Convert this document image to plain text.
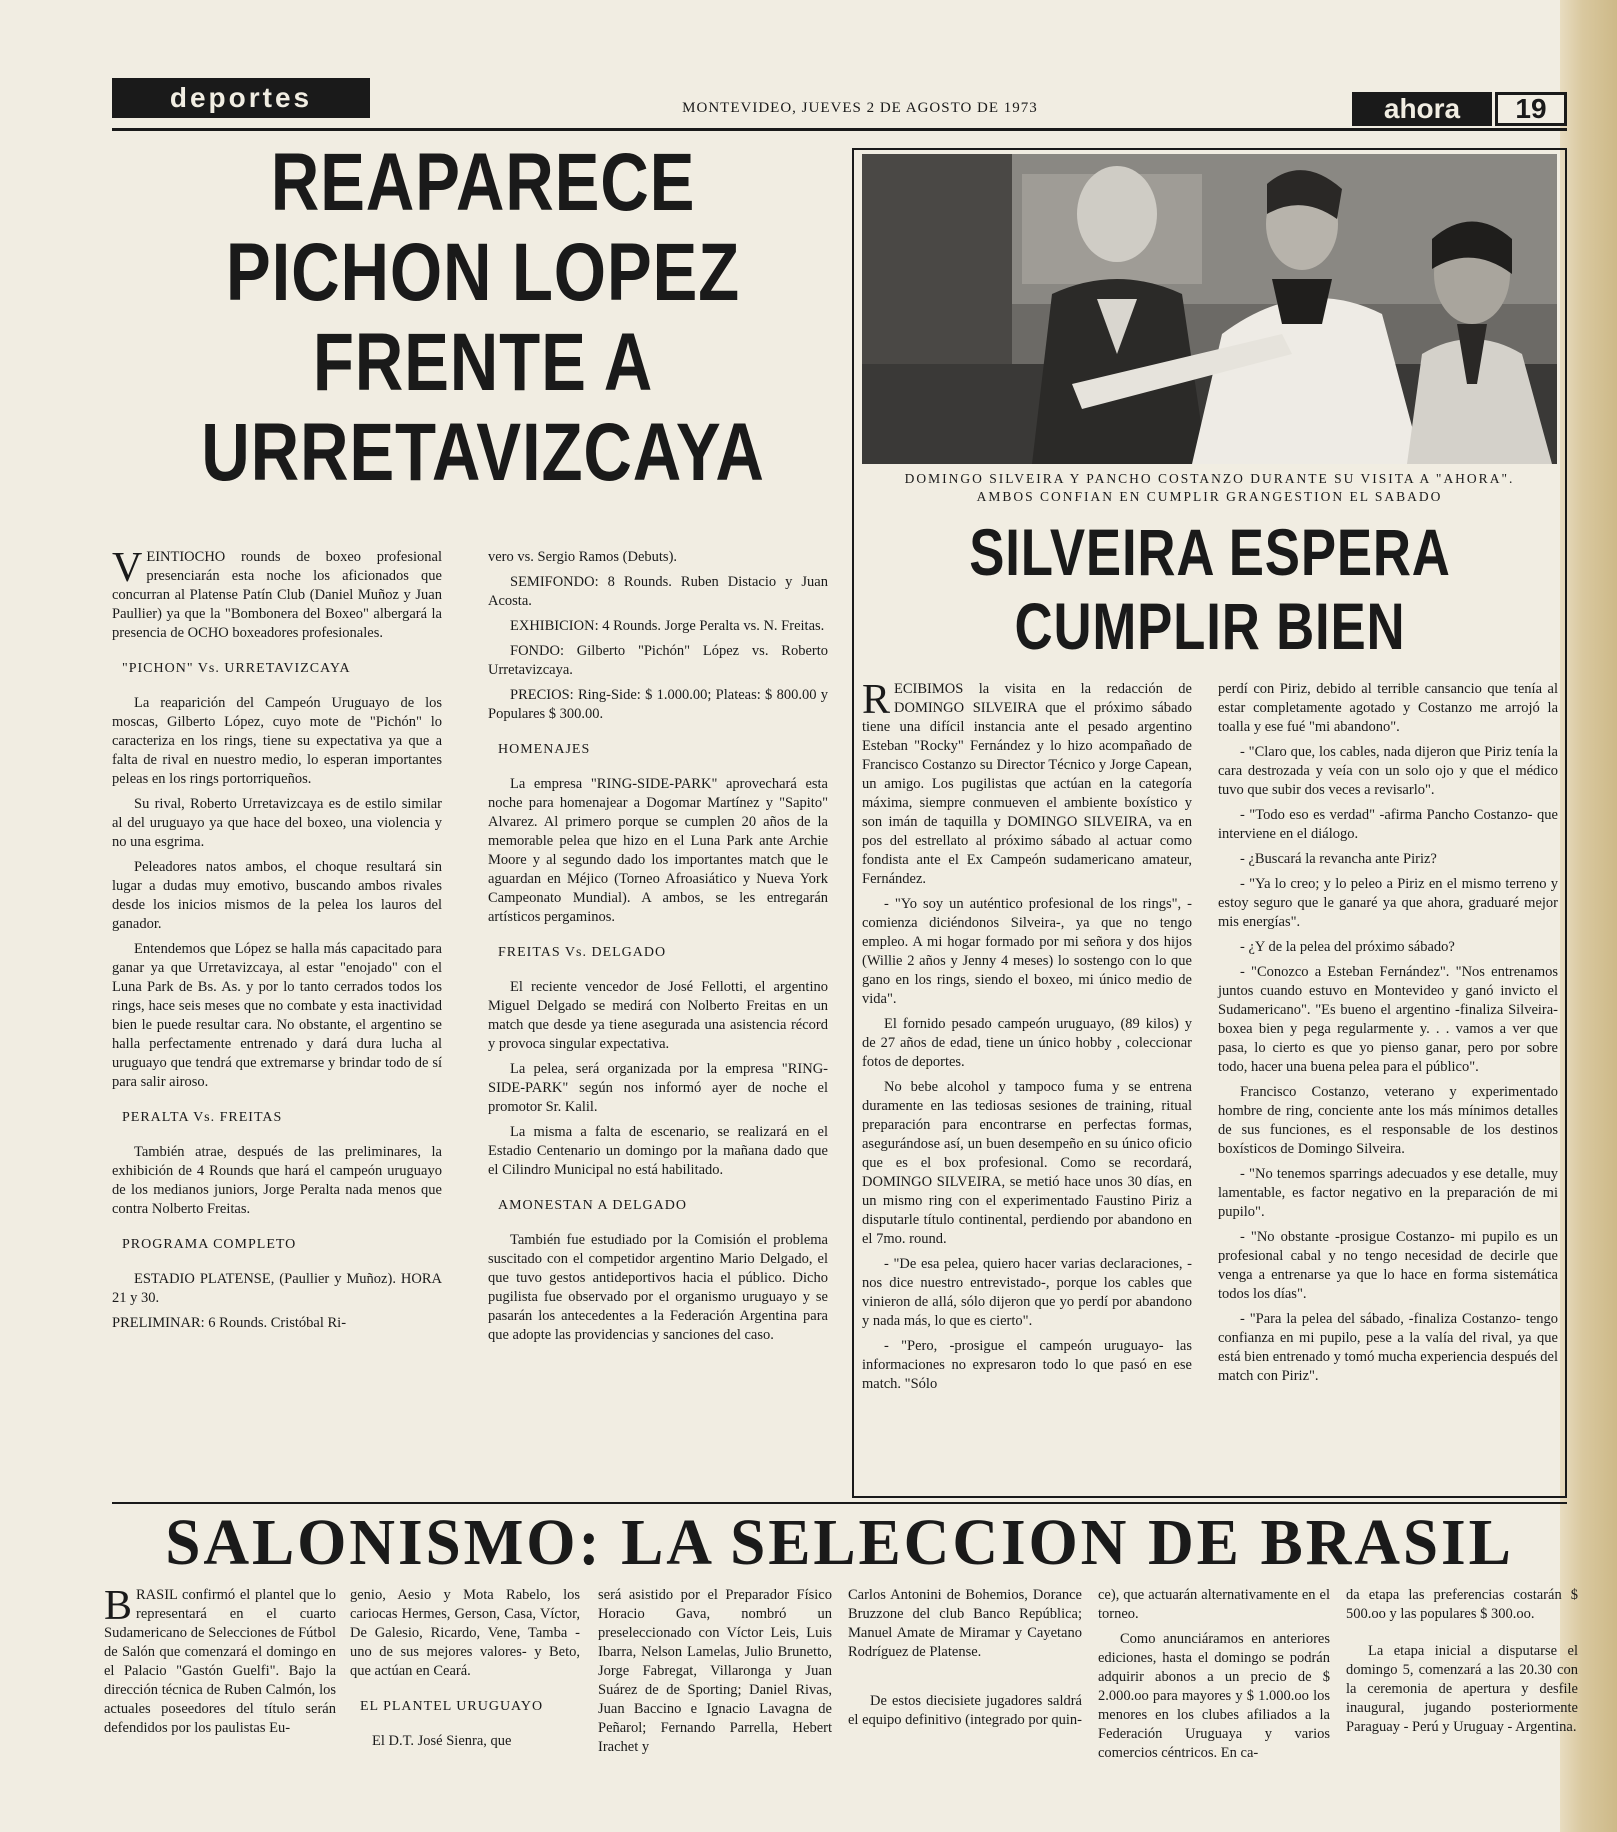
deportes	MONTEVIDEO, JUEVES 2 DE AGOSTO DE 1973	ahora	19
REAPARECE
PICHON LOPEZ
FRENTE A
URRETAVIZCAYA

VEINTIOCHO rounds de boxeo profesional presenciarán esta noche los aficionados que concurran al Platense Patín Club (Daniel Muñoz y Juan Paullier) ya que la "Bombonera del Boxeo" albergará la presencia de OCHO boxeadores profesionales.

"PICHON" Vs. URRETAVIZCAYA

La reaparición del Campeón Uruguayo de los moscas, Gilberto López, cuyo mote de "Pichón" lo caracteriza en los rings, tiene su expectativa ya que a falta de rival en nuestro medio, lo esperan importantes peleas en los rings portorriqueños.

Su rival, Roberto Urretavizcaya es de estilo similar al del uruguayo ya que hace del boxeo, una violencia y no una esgrima.

Peleadores natos ambos, el choque resultará sin lugar a dudas muy emotivo, buscando ambos rivales desde los inicios mismos de la pelea los lauros del ganador.

Entendemos que López se halla más capacitado para ganar ya que Urretavizcaya, al estar "enojado" con el Luna Park de Bs. As. y por lo tanto cerrados todos los rings, hace seis meses que no combate y esta inactividad bien le puede resultar cara. No obstante, el argentino se halla perfectamente entrenado y dará dura lucha al uruguayo que tendrá que extremarse y brindar todo de sí para salir airoso.

PERALTA Vs. FREITAS

También atrae, después de las preliminares, la exhibición de 4 Rounds que hará el campeón uruguayo de los medianos juniors, Jorge Peralta nada menos que contra Nolberto Freitas.

PROGRAMA COMPLETO

ESTADIO PLATENSE, (Paullier y Muñoz). HORA 21 y 30.

PRELIMINAR: 6 Rounds. Cristóbal Ri-

vero vs. Sergio Ramos (Debuts).

SEMIFONDO: 8 Rounds. Ruben Distacio y Juan Acosta.

EXHIBICION: 4 Rounds. Jorge Peralta vs. N. Freitas.

FONDO: Gilberto "Pichón" López vs. Roberto Urretavizcaya.

PRECIOS: Ring-Side: $ 1.000.00; Plateas: $ 800.00 y Populares $ 300.00.

HOMENAJES

La empresa "RING-SIDE-PARK" aprovechará esta noche para homenajear a Dogomar Martínez y "Sapito" Alvarez. Al primero porque se cumplen 20 años de la memorable pelea que hizo en el Luna Park ante Archie Moore y al segundo dado los importantes match que le aguardan en Méjico (Torneo Afroasiático y Nueva York Campeonato Mundial). A ambos, se les entregarán artísticos pergaminos.

FREITAS Vs. DELGADO

El reciente vencedor de José Fellotti, el argentino Miguel Delgado se medirá con Nolberto Freitas en un match que desde ya tiene asegurada una asistencia récord y provoca singular expectativa.

La pelea, será organizada por la empresa "RING-SIDE-PARK" según nos informó ayer de noche el promotor Sr. Kalil.

La misma a falta de escenario, se realizará en el Estadio Centenario un domingo por la mañana dado que el Cilindro Municipal no está habilitado.

AMONESTAN A DELGADO

También fue estudiado por la Comisión el problema suscitado con el competidor argentino Mario Delgado, el que tuvo gestos antideportivos hacia el público. Dicho pugilista fue observado por el organismo uruguayo y se pasarán los antecedentes a la Federación Argentina para que adopte las providencias y sanciones del caso.

DOMINGO SILVEIRA Y PANCHO COSTANZO DURANTE SU VISITA A "AHORA".
AMBOS CONFIAN EN CUMPLIR GRANGESTION EL SABADO
SILVEIRA ESPERA
CUMPLIR BIEN

RECIBIMOS la visita en la redacción de DOMINGO SILVEIRA que el próximo sábado tiene una difícil instancia ante el pesado argentino Esteban "Rocky" Fernández y lo hizo acompañado de Francisco Costanzo su Director Técnico y Jorge Capean, un amigo. Los pugilistas que actúan en la categoría máxima, siempre conmueven el ambiente boxístico y son imán de taquilla y DOMINGO SILVEIRA, va en pos del estrellato al próximo sábado al actuar como fondista ante el Ex Campeón sudamericano amateur, Fernández.

- "Yo soy un auténtico profesional de los rings", -comienza diciéndonos Silveira-, ya que no tengo empleo. A mi hogar formado por mi señora y dos hijos (Willie 2 años y Jenny 4 meses) lo sostengo con lo que gano en los rings, siendo el boxeo, mi único medio de vida".

El fornido pesado campeón uruguayo, (89 kilos) y de 27 años de edad, tiene un único hobby , coleccionar fotos de deportes.

No bebe alcohol y tampoco fuma y se entrena duramente en las tediosas sesiones de training, ritual preparación para encontrarse en perfectas formas, asegurándose así, un buen desempeño en su único oficio que es el box profesional. Como se recordará, DOMINGO SILVEIRA, se metió hace unos 30 días, en un mismo ring con el experimentado Faustino Piriz a disputarle título continental, perdiendo por abandono en el 7mo. round.

- "De esa pelea, quiero hacer varias declaraciones, -nos dice nuestro entrevistado-, porque los cables que vinieron de allá, sólo dijeron que yo perdí por abandono y nada más, lo que es cierto".

- "Pero, -prosigue el campeón uruguayo- las informaciones no expresaron todo lo que pasó en ese match. "Sólo

perdí con Piriz, debido al terrible cansancio que tenía al estar completamente agotado y Costanzo me arrojó la toalla y ese fué "mi abandono".

- "Claro que, los cables, nada dijeron que Piriz tenía la cara destrozada y veía con un solo ojo y que el médico tuvo que subir dos veces a revisarlo".

- "Todo eso es verdad" -afirma Pancho Costanzo- que interviene en el diálogo.

- ¿Buscará la revancha ante Piriz?

- "Ya lo creo; y lo peleo a Piriz en el mismo terreno y estoy seguro que le ganaré ya que ahora, graduaré mejor mis energías".

- ¿Y de la pelea del próximo sábado?

- "Conozco a Esteban Fernández". "Nos entrenamos juntos cuando estuvo en Montevideo y ganó invicto el Sudamericano". "Es bueno el argentino -finaliza Silveira- boxea bien y pega regularmente y. . . vamos a ver que pasa, lo cierto es que yo pienso ganar, pero por sobre todo, hacer una buena pelea para el público".

Francisco Costanzo, veterano y experimentado hombre de ring, conciente ante los más mínimos detalles de sus funciones, es el responsable de los destinos boxísticos de Domingo Silveira.

- "No tenemos sparrings adecuados y ese detalle, muy lamentable, es factor negativo en la preparación de mi pupilo".

- "No obstante -prosigue Costanzo- mi pupilo es un profesional cabal y no tengo necesidad de decirle que venga a entrenarse ya que lo hace en forma sistemática todos los días".

- "Para la pelea del sábado, -finaliza Costanzo- tengo confianza en mi pupilo, pese a la valía del rival, ya que está bien entrenado y tomó mucha experiencia después del match con Piriz".

SALONISMO: LA SELECCION DE BRASIL

BRASIL confirmó el plantel que lo representará en el cuarto Sudamericano de Selecciones de Fútbol de Salón que comenzará el domingo en el Palacio "Gastón Guelfi". Bajo la dirección técnica de Ruben Calmón, los actuales poseedores del título serán defendidos por los paulistas Eu-

genio, Aesio y Mota Rabelo, los cariocas Hermes, Gerson, Casa, Víctor, De Galesio, Ricardo, Vene, Tamba -uno de sus mejores valores- y Beto, que actúan en Ceará.

EL PLANTEL URUGUAYO

El D.T. José Sienra, que

será asistido por el Preparador Físico Horacio Gava, nombró un preseleccionado con Víctor Leis, Luis Ibarra, Nelson Lamelas, Julio Brunetto, Jorge Fabregat, Villaronga y Juan Suárez de de Sporting; Daniel Rivas, Juan Baccino e Ignacio Lavagna de Peñarol; Fernando Parrella, Hebert Irachet y

Carlos Antonini de Bohemios, Dorance Bruzzone del club Banco República; Manuel Amate de Miramar y Cayetano Rodríguez de Platense.

De estos diecisiete jugadores saldrá el equipo definitivo (integrado por quin-

ce), que actuarán alternativamente en el torneo.

Como anunciáramos en anteriores ediciones, hasta el domingo se podrán adquirir abonos a un precio de $ 2.000.oo para mayores y $ 1.000.oo los menores en los clubes afiliados a la Federación Uruguaya y varios comercios céntricos. En ca-

da etapa las preferencias costarán $ 500.oo y las populares $ 300.oo.

La etapa inicial a disputarse el domingo 5, comenzará a las 20.30 con la ceremonia de apertura y desfile inaugural, jugando posteriormente Paraguay - Perú y Uruguay - Argentina.
